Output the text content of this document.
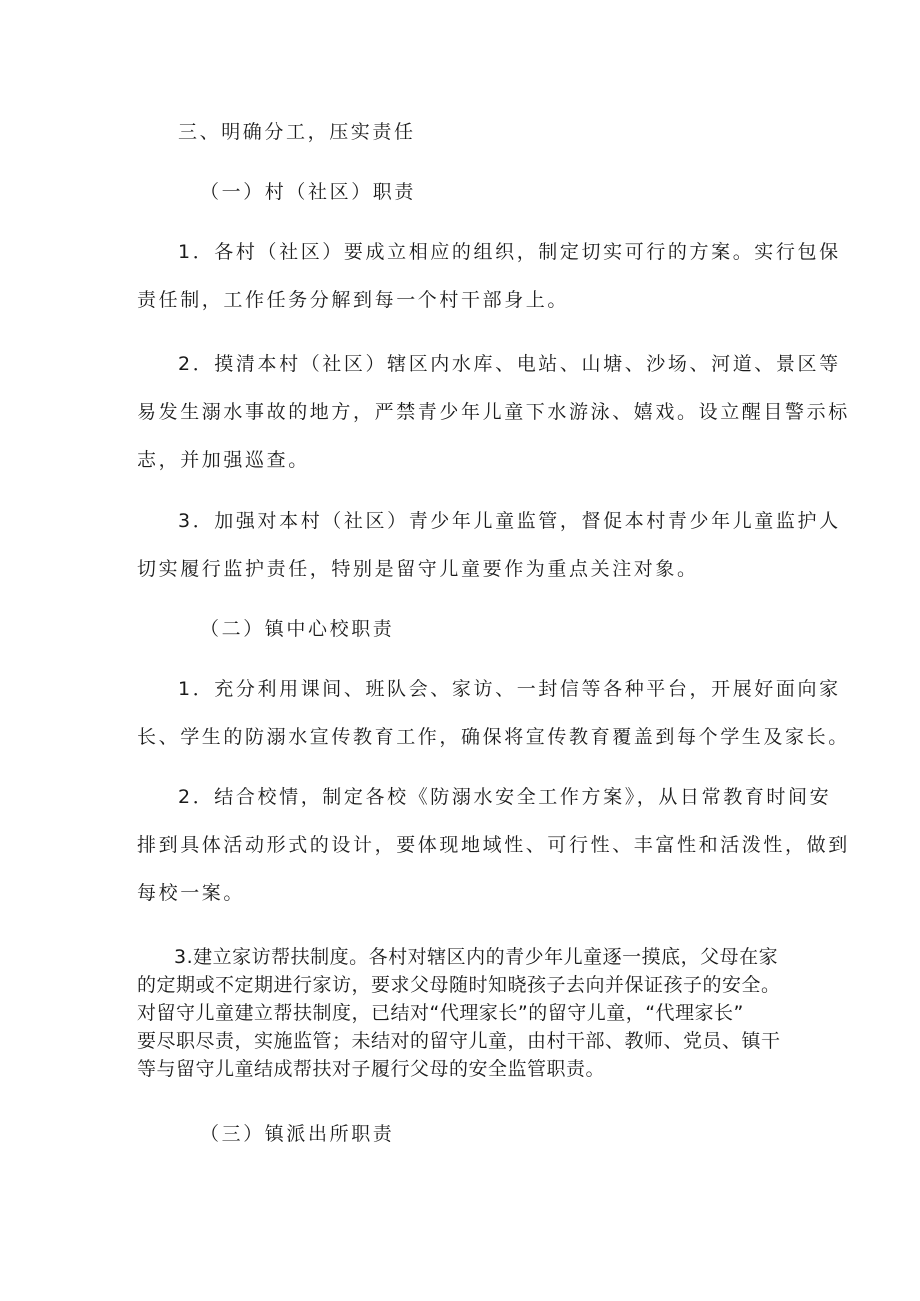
三、明确分工，压实责任
（一）村（社区）职责
1．各村（社区）要成立相应的组织，制定切实可行的方案。实行包保
责任制，工作任务分解到每一个村干部身上。
2．摸清本村（社区）辖区内水库、电站、山塘、沙场、河道、景区等
易发生溺水事故的地方，严禁青少年儿童下水游泳、嬉戏。设立醒目警示标
志，并加强巡查。
3．加强对本村（社区）青少年儿童监管，督促本村青少年儿童监护人
切实履行监护责任，特别是留守儿童要作为重点关注对象。
（二）镇中心校职责
1．充分利用课间、班队会、家访、一封信等各种平台，开展好面向家
长、学生的防溺水宣传教育工作，确保将宣传教育覆盖到每个学生及家长。
2．结合校情，制定各校《防溺水安全工作方案》，从日常教育时间安
排到具体活动形式的设计，要体现地域性、可行性、丰富性和活泼性，做到
每校一案。
3.建立家访帮扶制度。各村对辖区内的青少年儿童逐一摸底，父母在家
的定期或不定期进行家访，要求父母随时知晓孩子去向并保证孩子的安全。
对留守儿童建立帮扶制度，已结对“代理家长”的留守儿童，“代理家长”
要尽职尽责，实施监管；未结对的留守儿童，由村干部、教师、党员、镇干
等与留守儿童结成帮扶对子履行父母的安全监管职责。
（三）镇派出所职责
